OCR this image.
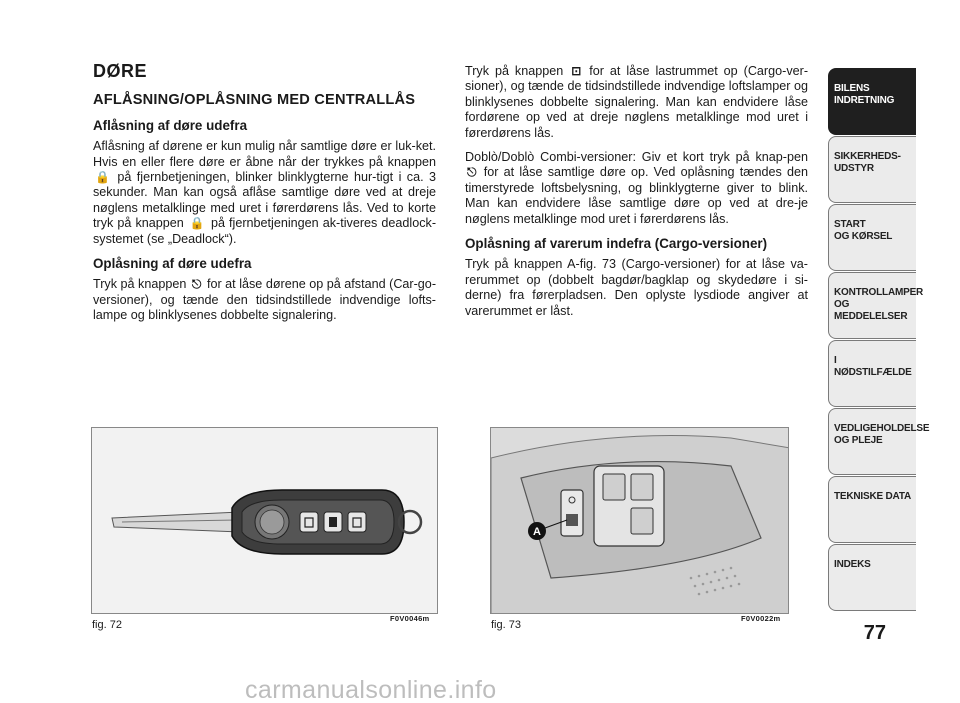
DØRE
AFLÅSNING/OPLÅSNING MED CENTRALLÅS
Aflåsning af døre udefra

Aflåsning af dørene er kun mulig når samtlige døre er luk-ket. Hvis en eller flere døre er åbne når der trykkes på knappen 🔒 på fjernbetjeningen, blinker blinklygterne hur-tigt i ca. 3 sekunder. Man kan også aflåse samtlige døre ved at dreje nøglens metalklinge med uret i førerdørens lås. Ved to korte tryk på knappen 🔒 på fjernbetjeningen ak-tiveres deadlock-systemet (se „Deadlock“).

Oplåsning af døre udefra

Tryk på knappen ⎋ for at låse dørene op på afstand (Car-go-versioner), og tænde den tidsindstillede indvendige lofts-lampe og blinklysenes dobbelte signalering.

Tryk på knappen ⊡ for at låse lastrummet op (Cargo-ver-sioner), og tænde de tidsindstillede indvendige loftslamper og blinklysenes dobbelte signalering. Man kan endvidere låse fordørene op ved at dreje nøglens metalklinge mod uret i førerdørens lås.

Doblò/Doblò Combi-versioner: Giv et kort tryk på knap-pen ⎋ for at låse samtlige døre op. Ved oplåsning tændes den timerstyrede loftsbelysning, og blinklygterne giver to blink. Man kan endvidere låse samtlige døre op ved at dre-je nøglens metalklinge mod uret i førerdørens lås.

Oplåsning af varerum indefra (Cargo-versioner)

Tryk på knappen A-fig. 73 (Cargo-versioner) for at låse va-rerummet op (dobbelt bagdør/bagklap og skydedøre i si-derne) fra førerpladsen. Den oplyste lysdiode angiver at varerummet er låst.

fig. 72
F0V0046m
A
fig. 73
F0V0022m
BILENS
INDRETNING
SIKKERHEDS-
UDSTYR
START
OG KØRSEL
KONTROLLAMPER
OG MEDDELELSER
I NØDSTILFÆLDE
VEDLIGEHOLDELSE
OG PLEJE
TEKNISKE DATA
INDEKS
77
carmanualsonline.info
